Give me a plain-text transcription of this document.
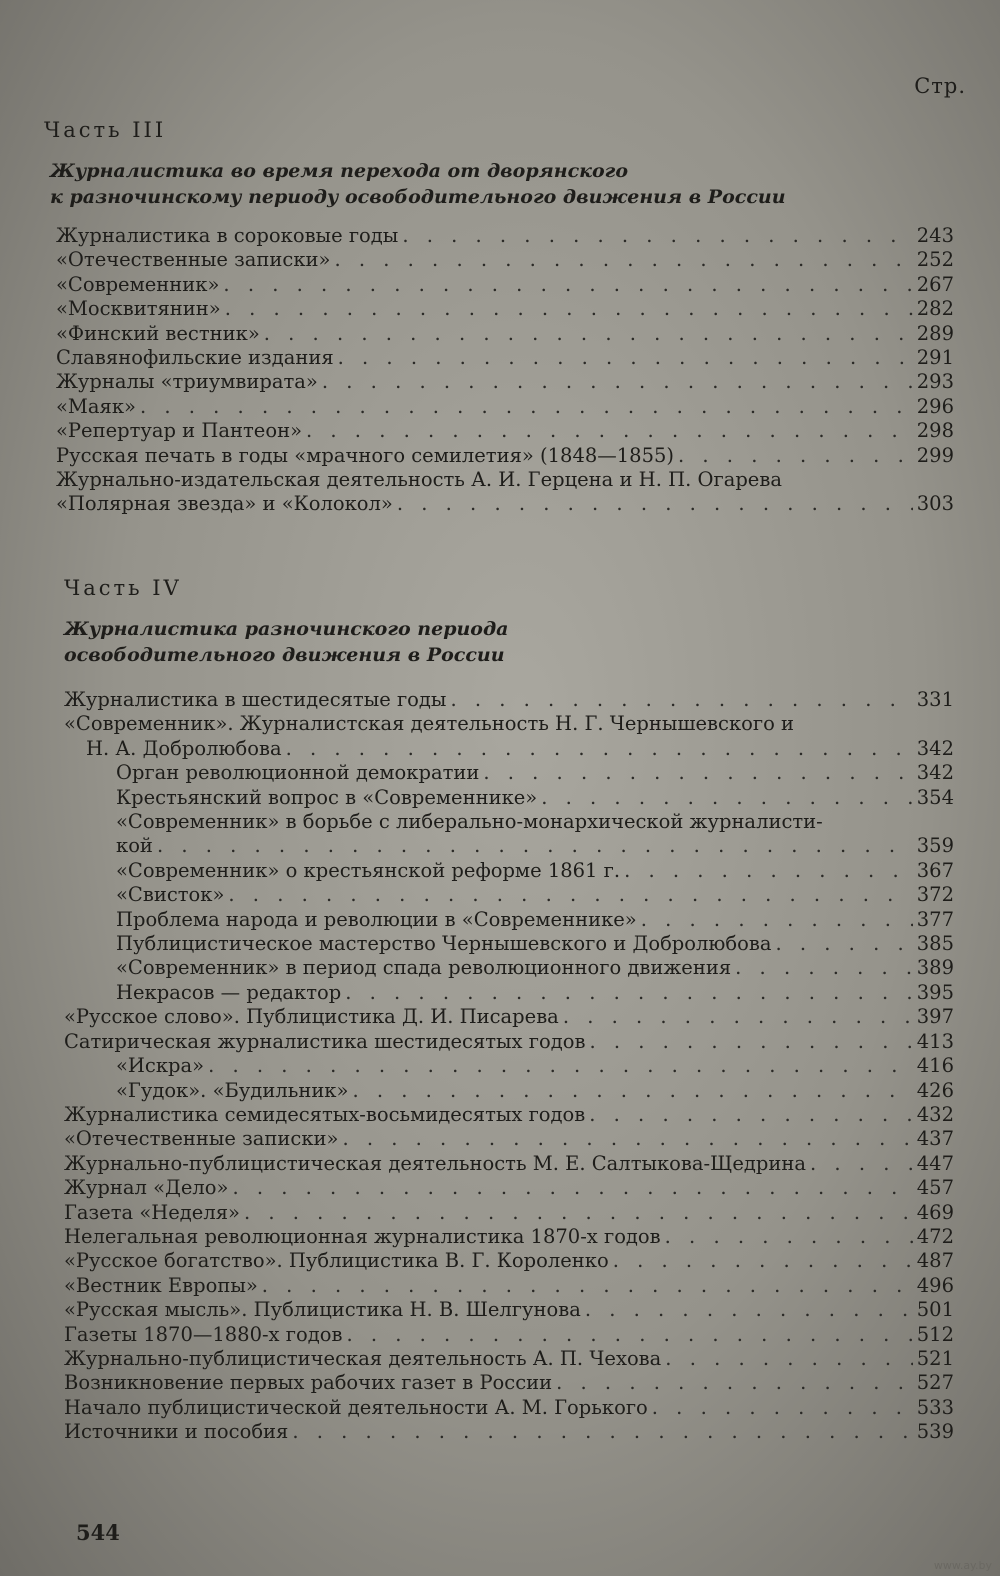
Стр.
Часть III
Журналистика во время перехода от дворянского
к разночинскому периоду освободительного движения в России
Журналистика в сороковые годы . . .	243
«Отечественные записки» . . .	252
«Современник» . . .	267
«Москвитянин» . . .	282
«Финский вестник» . . .	289
Славянофильские издания . . .	291
Журналы «триумвирата» . . .	293
«Маяк» . . .	296
«Репертуар и Пантеон» . . .	298
Русская печать в годы «мрачного семилетия» (1848—1855) . . .	299
Журнально-издательская деятельность А. И. Герцена и Н. П. Огарева
«Полярная звезда» и «Колокол» . . .	303
Часть IV
Журналистика разночинского периода
освободительного движения в России
Журналистика в шестидесятые годы . . .	331
«Современник». Журналистская деятельность Н. Г. Чернышевского и
Н. А. Добролюбова . . .	342
Орган революционной демократии . . .	342
Крестьянский вопрос в «Современнике» . . .	354
«Современник» в борьбе с либерально-монархической журналисти-
кой . . .	359
«Современник» о крестьянской реформе 1861 г. . . .	367
«Свисток» . . .	372
Проблема народа и революции в «Современнике» . . .	377
Публицистическое мастерство Чернышевского и Добролюбова . . .	385
«Современник» в период спада революционного движения . . .	389
Некрасов — редактор . . .	395
«Русское слово». Публицистика Д. И. Писарева . . .	397
Сатирическая журналистика шестидесятых годов . . .	413
«Искра» . . .	416
«Гудок». «Будильник» . . .	426
Журналистика семидесятых-восьмидесятых годов . . .	432
«Отечественные записки» . . .	437
Журнально-публицистическая деятельность М. Е. Салтыкова-Щедрина . . .	447
Журнал «Дело» . . .	457
Газета «Неделя» . . .	469
Нелегальная революционная журналистика 1870-х годов . . .	472
«Русское богатство». Публицистика В. Г. Короленко . . .	487
«Вестник Европы» . . .	496
«Русская мысль». Публицистика Н. В. Шелгунова . . .	501
Газеты 1870—1880-х годов . . .	512
Журнально-публицистическая деятельность А. П. Чехова . . .	521
Возникновение первых рабочих газет в России . . .	527
Начало публицистической деятельности А. М. Горького . . .	533
Источники и пособия . . .	539
544
www.ay.by
